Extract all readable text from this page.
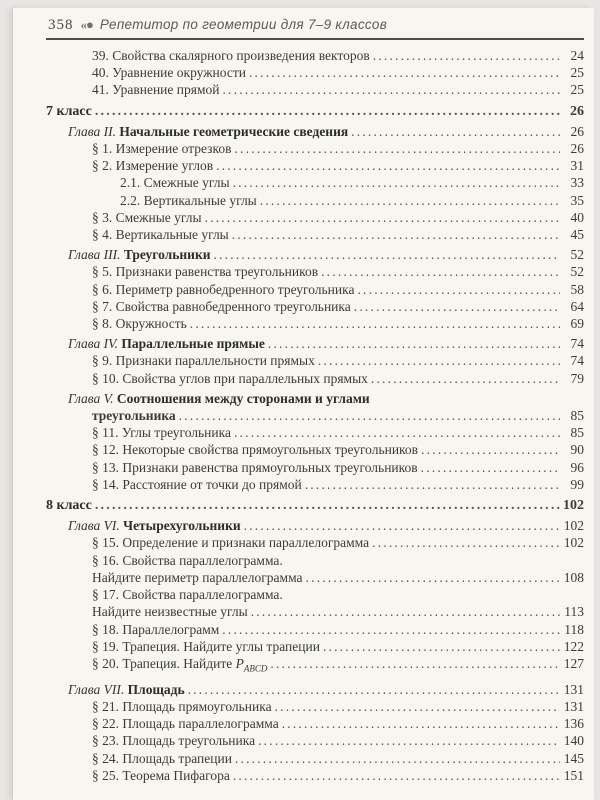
358 «● Репетитор по геометрии для 7–9 классов
39. Свойства скалярного произведения векторов .....	24
40. Уравнение окружности .....	25
41. Уравнение прямой .....	25
7 класс .....	26
Глава II. Начальные геометрические сведения .....	26
§ 1. Измерение отрезков .....	26
§ 2. Измерение углов .....	31
2.1. Смежные углы .....	33
2.2. Вертикальные углы .....	35
§ 3. Смежные углы .....	40
§ 4. Вертикальные углы .....	45
Глава III. Треугольники .....	52
§ 5. Признаки равенства треугольников .....	52
§ 6. Периметр равнобедренного треугольника .....	58
§ 7. Свойства равнобедренного треугольника .....	64
§ 8. Окружность .....	69
Глава IV. Параллельные прямые .....	74
§ 9. Признаки параллельности прямых .....	74
§ 10. Свойства углов при параллельных прямых .....	79
Глава V. Соотношения между сторонами и углами
треугольника .....	85
§ 11. Углы треугольника .....	85
§ 12. Некоторые свойства прямоугольных треугольников .....	90
§ 13. Признаки равенства прямоугольных треугольников .....	96
§ 14. Расстояние от точки до прямой .....	99
8 класс .....	102
Глава VI. Четырехугольники .....	102
§ 15. Определение и признаки параллелограмма .....	102
§ 16. Свойства параллелограмма.
Найдите периметр параллелограмма .....	108
§ 17. Свойства параллелограмма.
Найдите неизвестные углы .....	113
§ 18. Параллелограмм .....	118
§ 19. Трапеция. Найдите углы трапеции .....	122
§ 20. Трапеция. Найдите $P_{ABCD}$ .....	127
Глава VII. Площадь .....	131
§ 21. Площадь прямоугольника .....	131
§ 22. Площадь параллелограмма .....	136
§ 23. Площадь треугольника .....	140
§ 24. Площадь трапеции .....	145
§ 25. Теорема Пифагора .....	151
